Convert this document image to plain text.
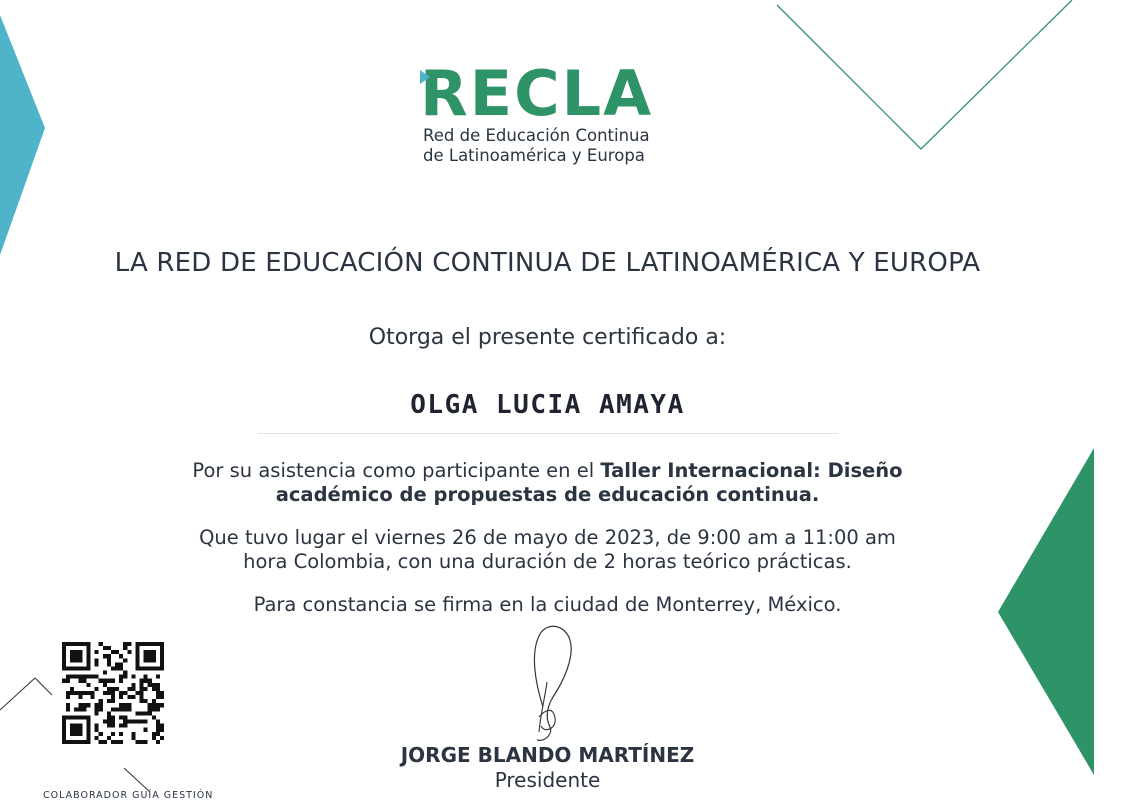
RECLA
Red de Educación Continua
de Latinoamérica y Europa
LA RED DE EDUCACIÓN CONTINUA DE LATINOAMÉRICA Y EUROPA
Otorga el presente certificado a:
OLGA LUCIA AMAYA
Por su asistencia como participante en el Taller Internacional: Diseño
académico de propuestas de educación continua.
Que tuvo lugar el viernes 26 de mayo de 2023, de 9:00 am a 11:00 am
hora Colombia, con una duración de 2 horas teórico prácticas.
Para constancia se firma en la ciudad de Monterrey, México.
COLABORADOR GUÍA GESTIÓN
JORGE BLANDO MARTÍNEZ
Presidente
